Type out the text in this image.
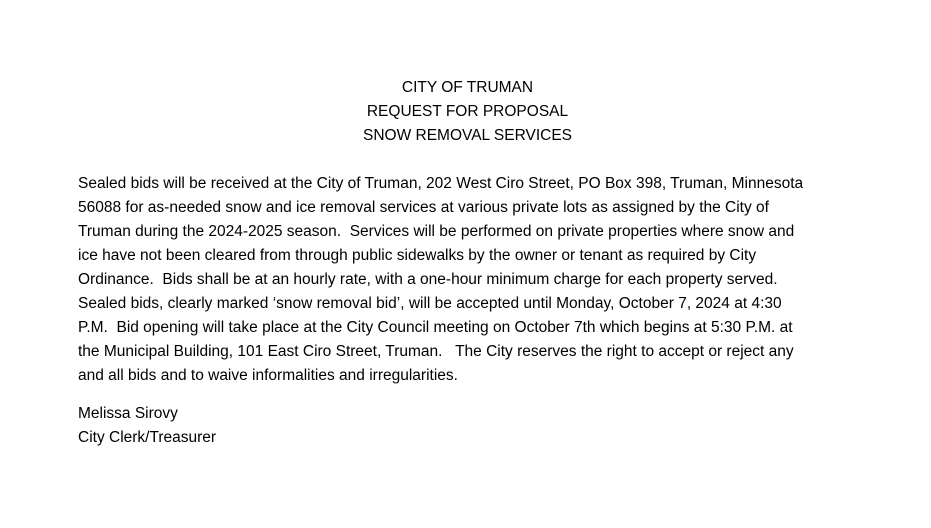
CITY OF TRUMAN
REQUEST FOR PROPOSAL
SNOW REMOVAL SERVICES
Sealed bids will be received at the City of Truman, 202 West Ciro Street, PO Box 398, Truman, Minnesota
56088 for as-needed snow and ice removal services at various private lots as assigned by the City of
Truman during the 2024-2025 season.  Services will be performed on private properties where snow and
ice have not been cleared from through public sidewalks by the owner or tenant as required by City
Ordinance.  Bids shall be at an hourly rate, with a one-hour minimum charge for each property served.
Sealed bids, clearly marked ‘snow removal bid’, will be accepted until Monday, October 7, 2024 at 4:30
P.M.  Bid opening will take place at the City Council meeting on October 7th which begins at 5:30 P.M. at
the Municipal Building, 101 East Ciro Street, Truman.   The City reserves the right to accept or reject any
and all bids and to waive informalities and irregularities.
Melissa Sirovy
City Clerk/Treasurer
